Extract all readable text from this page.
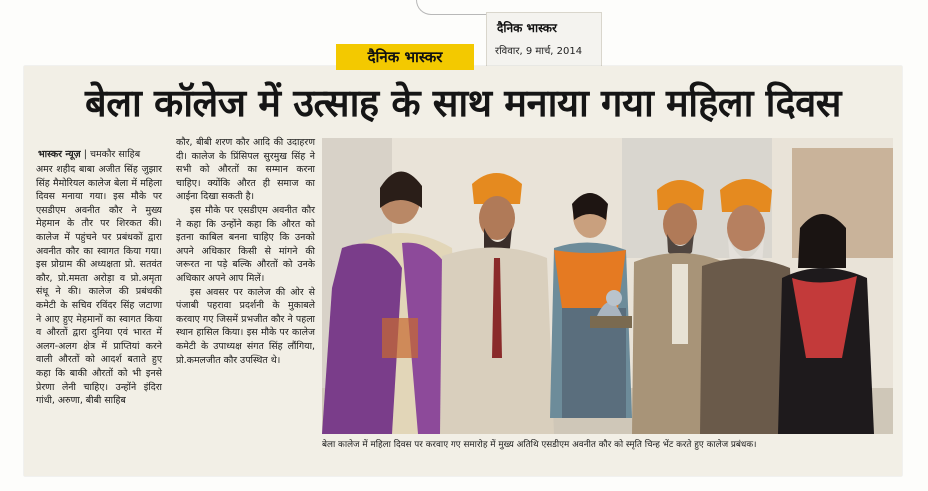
दैनिक भास्कर
रविवार, 9 मार्च, 2014
दैनिक भास्कर
बेला कॉलेज में उत्साह के साथ मनाया गया महिला दिवस
भास्कर न्यूज़ | चमकौर साहिब

अमर शहीद बाबा अजीत सिंह जुझार सिंह मैमोरियल कालेज बेला में महिला दिवस मनाया गया। इस मौके पर एसडीएम अवनीत कौर ने मुख्य मेहमान के तौर पर शिरकत की। कालेज में पहुंचने पर प्रबंधकों द्वारा अवनीत कौर का स्वागत किया गया। इस प्रोग्राम की अध्यक्षता प्रो. सतवंत कौर, प्रो.ममता अरोड़ा व प्रो.अमृता संधू ने की। कालेज की प्रबंधकी कमेटी के सचिव रविंदर सिंह जटाणा ने आए हुए मेहमानों का स्वागत किया व औरतों द्वारा दुनिया एवं भारत में अलग-अलग क्षेत्र में प्राप्तियां करने वाली औरतों को आदर्श बताते हुए कहा कि बाकी औरतों को भी इनसे प्रेरणा लेनी चाहिए। उन्होंने इंदिरा गांधी, अरुणा, बीबी साहिब

कौर, बीबी शरण कौर आदि की उदाहरण दी। कालेज के प्रिंसिपल सुरमुख सिंह ने सभी को औरतों का सम्मान करना चाहिए। क्योंकि औरत ही समाज का आईना दिखा सकती है।

इस मौके पर एसडीएम अवनीत कौर ने कहा कि उन्होंने कहा कि औरत को इतना काबिल बनना चाहिए कि उनको अपने अधिकार किसी से मांगने की जरूरत ना पड़े बल्कि औरतों को उनके अधिकार अपने आप मिलें।

इस अवसर पर कालेज की ओर से पंजाबी पहरावा प्रदर्शनी के मुकाबले करवाए गए जिसमें प्रभजीत कौर ने पहला स्थान हासिल किया। इस मौके पर कालेज कमेटी के उपाध्यक्ष संगत सिंह लौंगिया, प्रो.कमलजीत कौर उपस्थित थे।

बेला कालेज में महिला दिवस पर करवाए गए समारोह में मुख्य अतिथि एसडीएम अवनीत कौर को स्मृति चिन्ह भेंट करते हुए कालेज प्रबंधक।
